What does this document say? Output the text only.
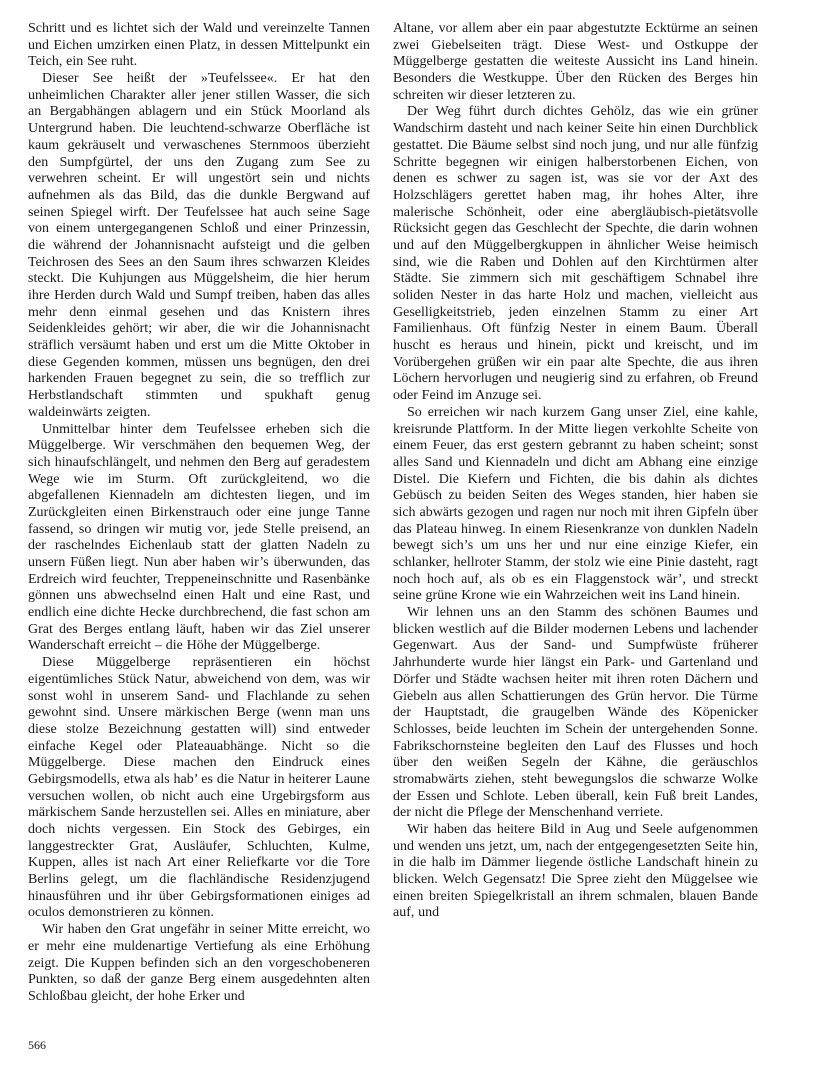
Schritt und es lichtet sich der Wald und vereinzelte Tannen und Eichen umzirken einen Platz, in dessen Mittelpunkt ein Teich, ein See ruht.

Dieser See heißt der »Teufelssee«. Er hat den unheimlichen Charakter aller jener stillen Wasser, die sich an Bergabhängen ablagern und ein Stück Moorland als Untergrund haben. Die leuchtend-schwarze Oberfläche ist kaum gekräuselt und verwaschenes Sternmoos überzieht den Sumpfgürtel, der uns den Zugang zum See zu verwehren scheint. Er will ungestört sein und nichts aufnehmen als das Bild, das die dunkle Bergwand auf seinen Spiegel wirft. Der Teufelssee hat auch seine Sage von einem untergegangenen Schloß und einer Prinzessin, die während der Johannisnacht aufsteigt und die gelben Teichrosen des Sees an den Saum ihres schwarzen Kleides steckt. Die Kuhjungen aus Müggelsheim, die hier herum ihre Herden durch Wald und Sumpf treiben, haben das alles mehr denn einmal gesehen und das Knistern ihres Seidenkleides gehört; wir aber, die wir die Johannisnacht sträflich versäumt haben und erst um die Mitte Oktober in diese Gegenden kommen, müssen uns begnügen, den drei harkenden Frauen begegnet zu sein, die so trefflich zur Herbstlandschaft stimmten und spukhaft genug waldeinwärts zeigten.

Unmittelbar hinter dem Teufelssee erheben sich die Müggelberge. Wir verschmähen den bequemen Weg, der sich hinaufschlängelt, und nehmen den Berg auf geradestem Wege wie im Sturm. Oft zurückgleitend, wo die abgefallenen Kiennadeln am dichtesten liegen, und im Zurückgleiten einen Birkenstrauch oder eine junge Tanne fassend, so dringen wir mutig vor, jede Stelle preisend, an der raschelndes Eichenlaub statt der glatten Nadeln zu unsern Füßen liegt. Nun aber haben wir’s überwunden, das Erdreich wird feuchter, Treppeneinschnitte und Rasenbänke gönnen uns abwechselnd einen Halt und eine Rast, und endlich eine dichte Hecke durchbrechend, die fast schon am Grat des Berges entlang läuft, haben wir das Ziel unserer Wanderschaft erreicht – die Höhe der Müggelberge.

Diese Müggelberge repräsentieren ein höchst eigentümliches Stück Natur, abweichend von dem, was wir sonst wohl in unserem Sand- und Flachlande zu sehen gewohnt sind. Unsere märkischen Berge (wenn man uns diese stolze Bezeichnung gestatten will) sind entweder einfache Kegel oder Plateauabhänge. Nicht so die Müggelberge. Diese machen den Eindruck eines Gebirgsmodells, etwa als hab’ es die Natur in heiterer Laune versuchen wollen, ob nicht auch eine Urgebirgsform aus märkischem Sande herzustellen sei. Alles en miniature, aber doch nichts vergessen. Ein Stock des Gebirges, ein langgestreckter Grat, Ausläufer, Schluchten, Kulme, Kuppen, alles ist nach Art einer Reliefkarte vor die Tore Berlins gelegt, um die flachländische Residenzjugend hinausführen und ihr über Gebirgsformationen einiges ad oculos demonstrieren zu können.

Wir haben den Grat ungefähr in seiner Mitte erreicht, wo er mehr eine muldenartige Vertiefung als eine Erhöhung zeigt. Die Kuppen befinden sich an den vorgeschobeneren Punkten, so daß der ganze Berg einem ausgedehnten alten Schloßbau gleicht, der hohe Erker und

Altane, vor allem aber ein paar abgestutzte Ecktürme an seinen zwei Giebelseiten trägt. Diese West- und Ostkuppe der Müggelberge gestatten die weiteste Aussicht ins Land hinein. Besonders die Westkuppe. Über den Rücken des Berges hin schreiten wir dieser letzteren zu.

Der Weg führt durch dichtes Gehölz, das wie ein grüner Wandschirm dasteht und nach keiner Seite hin einen Durchblick gestattet. Die Bäume selbst sind noch jung, und nur alle fünfzig Schritte begegnen wir einigen halberstorbenen Eichen, von denen es schwer zu sagen ist, was sie vor der Axt des Holzschlägers gerettet haben mag, ihr hohes Alter, ihre malerische Schönheit, oder eine abergläubisch-pietätsvolle Rücksicht gegen das Geschlecht der Spechte, die darin wohnen und auf den Müggelbergkuppen in ähnlicher Weise heimisch sind, wie die Raben und Dohlen auf den Kirchtürmen alter Städte. Sie zimmern sich mit geschäftigem Schnabel ihre soliden Nester in das harte Holz und machen, vielleicht aus Geselligkeitstrieb, jeden einzelnen Stamm zu einer Art Familienhaus. Oft fünfzig Nester in einem Baum. Überall huscht es heraus und hinein, pickt und kreischt, und im Vorübergehen grüßen wir ein paar alte Spechte, die aus ihren Löchern hervorlugen und neugierig sind zu erfahren, ob Freund oder Feind im Anzuge sei.

So erreichen wir nach kurzem Gang unser Ziel, eine kahle, kreisrunde Plattform. In der Mitte liegen verkohlte Scheite von einem Feuer, das erst gestern gebrannt zu haben scheint; sonst alles Sand und Kiennadeln und dicht am Abhang eine einzige Distel. Die Kiefern und Fichten, die bis dahin als dichtes Gebüsch zu beiden Seiten des Weges standen, hier haben sie sich abwärts gezogen und ragen nur noch mit ihren Gipfeln über das Plateau hinweg. In einem Riesenkranze von dunklen Nadeln bewegt sich’s um uns her und nur eine einzige Kiefer, ein schlanker, hellroter Stamm, der stolz wie eine Pinie dasteht, ragt noch hoch auf, als ob es ein Flaggenstock wär’, und streckt seine grüne Krone wie ein Wahrzeichen weit ins Land hinein.

Wir lehnen uns an den Stamm des schönen Baumes und blicken westlich auf die Bilder modernen Lebens und lachender Gegenwart. Aus der Sand- und Sumpfwüste früherer Jahrhunderte wurde hier längst ein Park- und Gartenland und Dörfer und Städte wachsen heiter mit ihren roten Dächern und Giebeln aus allen Schattierungen des Grün hervor. Die Türme der Hauptstadt, die graugelben Wände des Köpenicker Schlosses, beide leuchten im Schein der untergehenden Sonne. Fabrikschornsteine begleiten den Lauf des Flusses und hoch über den weißen Segeln der Kähne, die geräuschlos stromabwärts ziehen, steht bewegungslos die schwarze Wolke der Essen und Schlote. Leben überall, kein Fuß breit Landes, der nicht die Pflege der Menschenhand verriete.

Wir haben das heitere Bild in Aug und Seele aufgenommen und wenden uns jetzt, um, nach der entgegengesetzten Seite hin, in die halb im Dämmer liegende östliche Landschaft hinein zu blicken. Welch Gegensatz! Die Spree zieht den Müggelsee wie einen breiten Spiegelkristall an ihrem schmalen, blauen Bande auf, und

566
